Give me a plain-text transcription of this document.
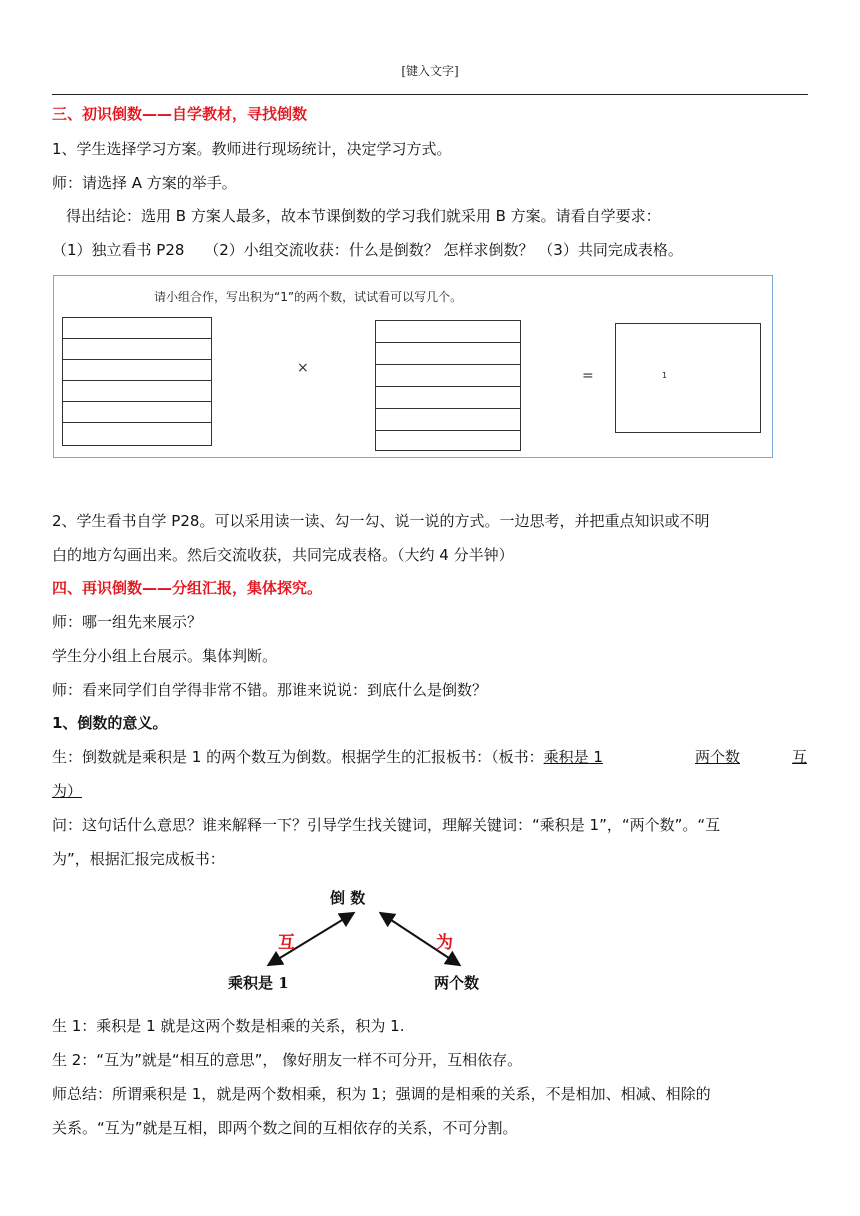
[键入文字]
三、初识倒数——自学教材，寻找倒数
1、学生选择学习方案。教师进行现场统计，决定学习方式。
师：请选择 A 方案的举手。
得出结论：选用 B 方案人最多，故本节课倒数的学习我们就采用 B 方案。请看自学要求：
（1）独立看书 P28　 （2）小组交流收获：什么是倒数？ 怎样求倒数？ （3）共同完成表格。
请小组合作，写出积为“1”的两个数，试试看可以写几个。
×	=	1
2、学生看书自学 P28。可以采用读一读、勾一勾、说一说的方式。一边思考，并把重点知识或不明
白的地方勾画出来。然后交流收获，共同完成表格。（大约 4 分半钟）
四、再识倒数——分组汇报，集体探究。
师：哪一组先来展示？
学生分小组上台展示。集体判断。
师：看来同学们自学得非常不错。那谁来说说：到底什么是倒数？
1、倒数的意义。
生：倒数就是乘积是 1 的两个数互为倒数。根据学生的汇报板书：（板书：乘积是 1	两个数	互
为）
问：这句话什么意思？谁来解释一下？引导学生找关键词，理解关键词：“乘积是 1”，“两个数”。“互
为”，根据汇报完成板书：
倒 数
互	为
乘积是 1	两个数
生 1：乘积是 1 就是这两个数是相乘的关系，积为 1.
生 2：“互为”就是“相互的意思”， 像好朋友一样不可分开，互相依存。
师总结：所谓乘积是 1，就是两个数相乘，积为 1；强调的是相乘的关系，不是相加、相减、相除的
关系。“互为”就是互相，即两个数之间的互相依存的关系，不可分割。
